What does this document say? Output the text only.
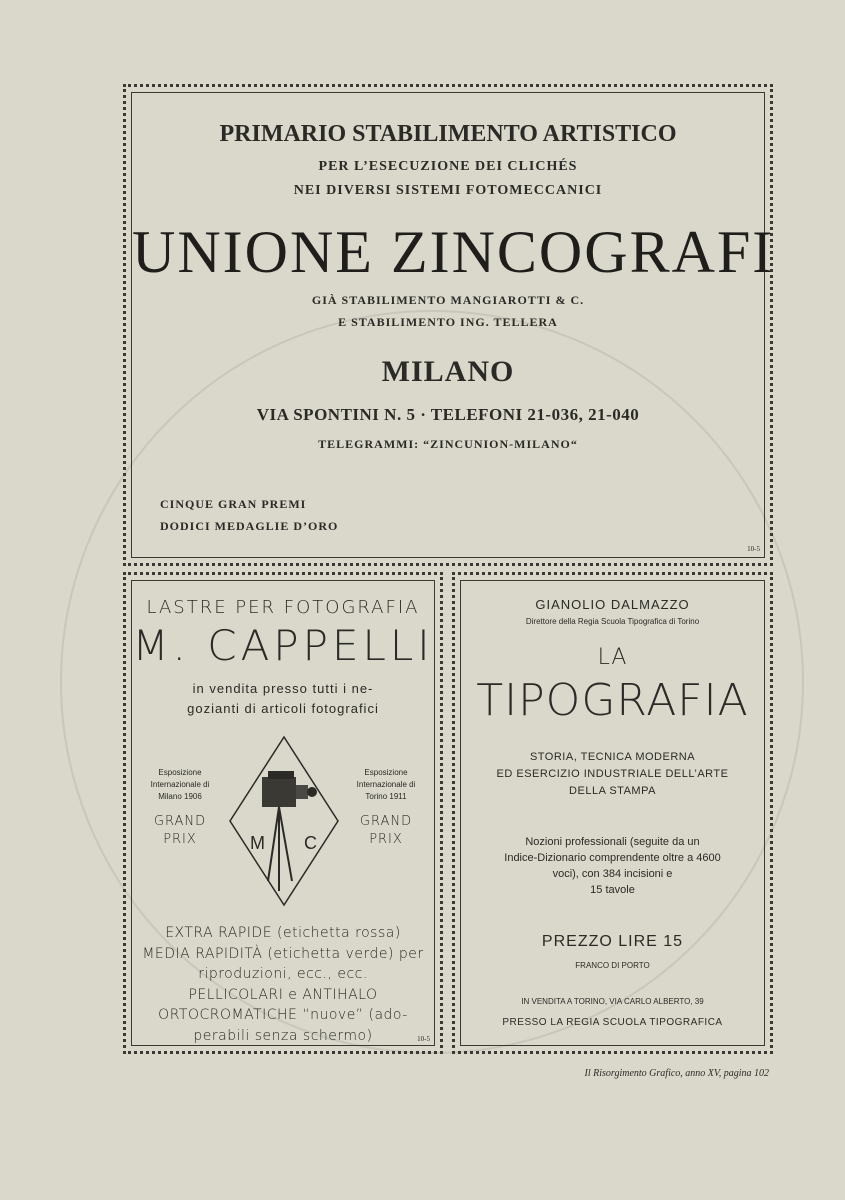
PRIMARIO STABILIMENTO ARTISTICO
PER L’ESECUZIONE DEI CLICHÉS
NEI DIVERSI SISTEMI FOTOMECCANICI
UNIONE ZINCOGRAFI
GIÀ STABILIMENTO MANGIAROTTI & C.
E STABILIMENTO ING. TELLERA
MILANO
VIA SPONTINI N. 5 · TELEFONI 21-036, 21-040
TELEGRAMMI: “ZINCUNION-MILANO“
CINQUE GRAN PREMI
DODICI MEDAGLIE D’ORO
10-5
LASTRE PER FOTOGRAFIA
M. CAPPELLI
in vendita presso tutti i ne-
gozianti di articoli fotografici
Esposizione
Internazionale di
Milano 1906
GRAND
PRIX
Esposizione
Internazionale di
Torino 1911
GRAND
PRIX
M C
EXTRA RAPIDE (etichetta rossa)
MEDIA RAPIDITÀ (etichetta verde) per
riproduzioni, ecc., ecc.
PELLICOLARI e ANTIHALO
ORTOCROMATICHE “nuove” (ado-
perabili senza schermo)	10-5
GIANOLIO DALMAZZO
Direttore della Regia Scuola Tipografica di Torino
LA
TIPOGRAFIA
STORIA, TECNICA MODERNA
ED ESERCIZIO INDUSTRIALE DELL’ARTE
DELLA STAMPA
Nozioni professionali (seguite da un
Indice-Dizionario comprendente oltre a 4600
voci), con 384 incisioni e
15 tavole
PREZZO LIRE 15
FRANCO DI PORTO
IN VENDITA A TORINO, VIA CARLO ALBERTO, 39
PRESSO LA REGIA SCUOLA TIPOGRAFICA
Il Risorgimento Grafico, anno XV, pagina 102
